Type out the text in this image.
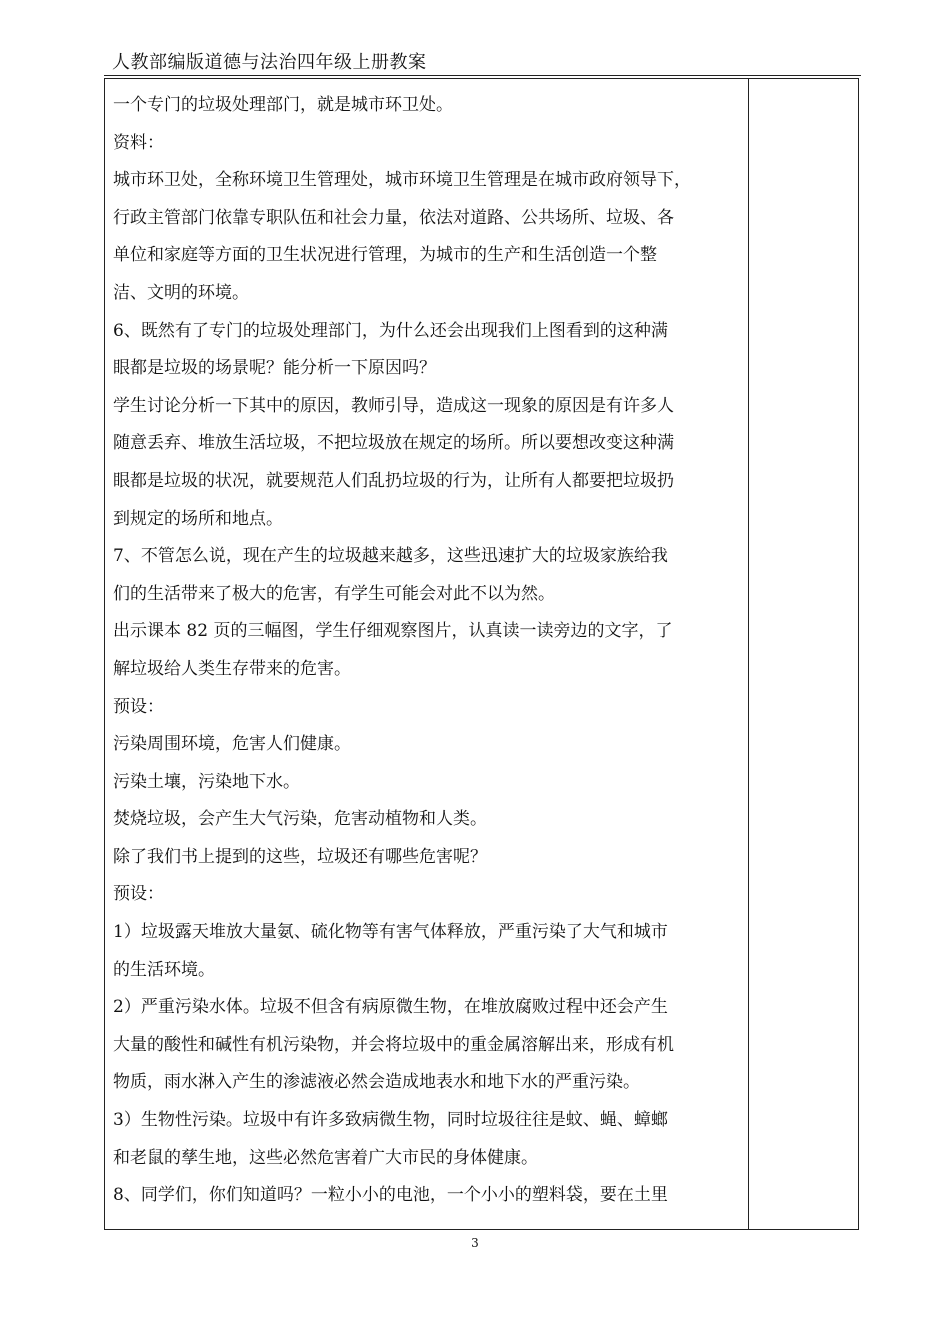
人教部编版道德与法治四年级上册教案
一个专门的垃圾处理部门，就是城市环卫处。
资料：
城市环卫处，全称环境卫生管理处，城市环境卫生管理是在城市政府领导下，
行政主管部门依靠专职队伍和社会力量，依法对道路、公共场所、垃圾、各
单位和家庭等方面的卫生状况进行管理，为城市的生产和生活创造一个整
洁、文明的环境。
6、既然有了专门的垃圾处理部门，为什么还会出现我们上图看到的这种满
眼都是垃圾的场景呢？能分析一下原因吗？
学生讨论分析一下其中的原因，教师引导，造成这一现象的原因是有许多人
随意丢弃、堆放生活垃圾，不把垃圾放在规定的场所。所以要想改变这种满
眼都是垃圾的状况，就要规范人们乱扔垃圾的行为，让所有人都要把垃圾扔
到规定的场所和地点。
7、不管怎么说，现在产生的垃圾越来越多，这些迅速扩大的垃圾家族给我
们的生活带来了极大的危害，有学生可能会对此不以为然。
出示课本 82 页的三幅图，学生仔细观察图片，认真读一读旁边的文字，了
解垃圾给人类生存带来的危害。
预设：
污染周围环境，危害人们健康。
污染土壤，污染地下水。
焚烧垃圾，会产生大气污染，危害动植物和人类。
除了我们书上提到的这些，垃圾还有哪些危害呢？
预设：
1）垃圾露天堆放大量氨、硫化物等有害气体释放，严重污染了大气和城市
的生活环境。
2）严重污染水体。垃圾不但含有病原微生物，在堆放腐败过程中还会产生
大量的酸性和碱性有机污染物，并会将垃圾中的重金属溶解出来，形成有机
物质，雨水淋入产生的渗滤液必然会造成地表水和地下水的严重污染。
3）生物性污染。垃圾中有许多致病微生物，同时垃圾往往是蚊、蝇、蟑螂
和老鼠的孳生地，这些必然危害着广大市民的身体健康。
8、同学们，你们知道吗？一粒小小的电池，一个小小的塑料袋，要在土里
3
